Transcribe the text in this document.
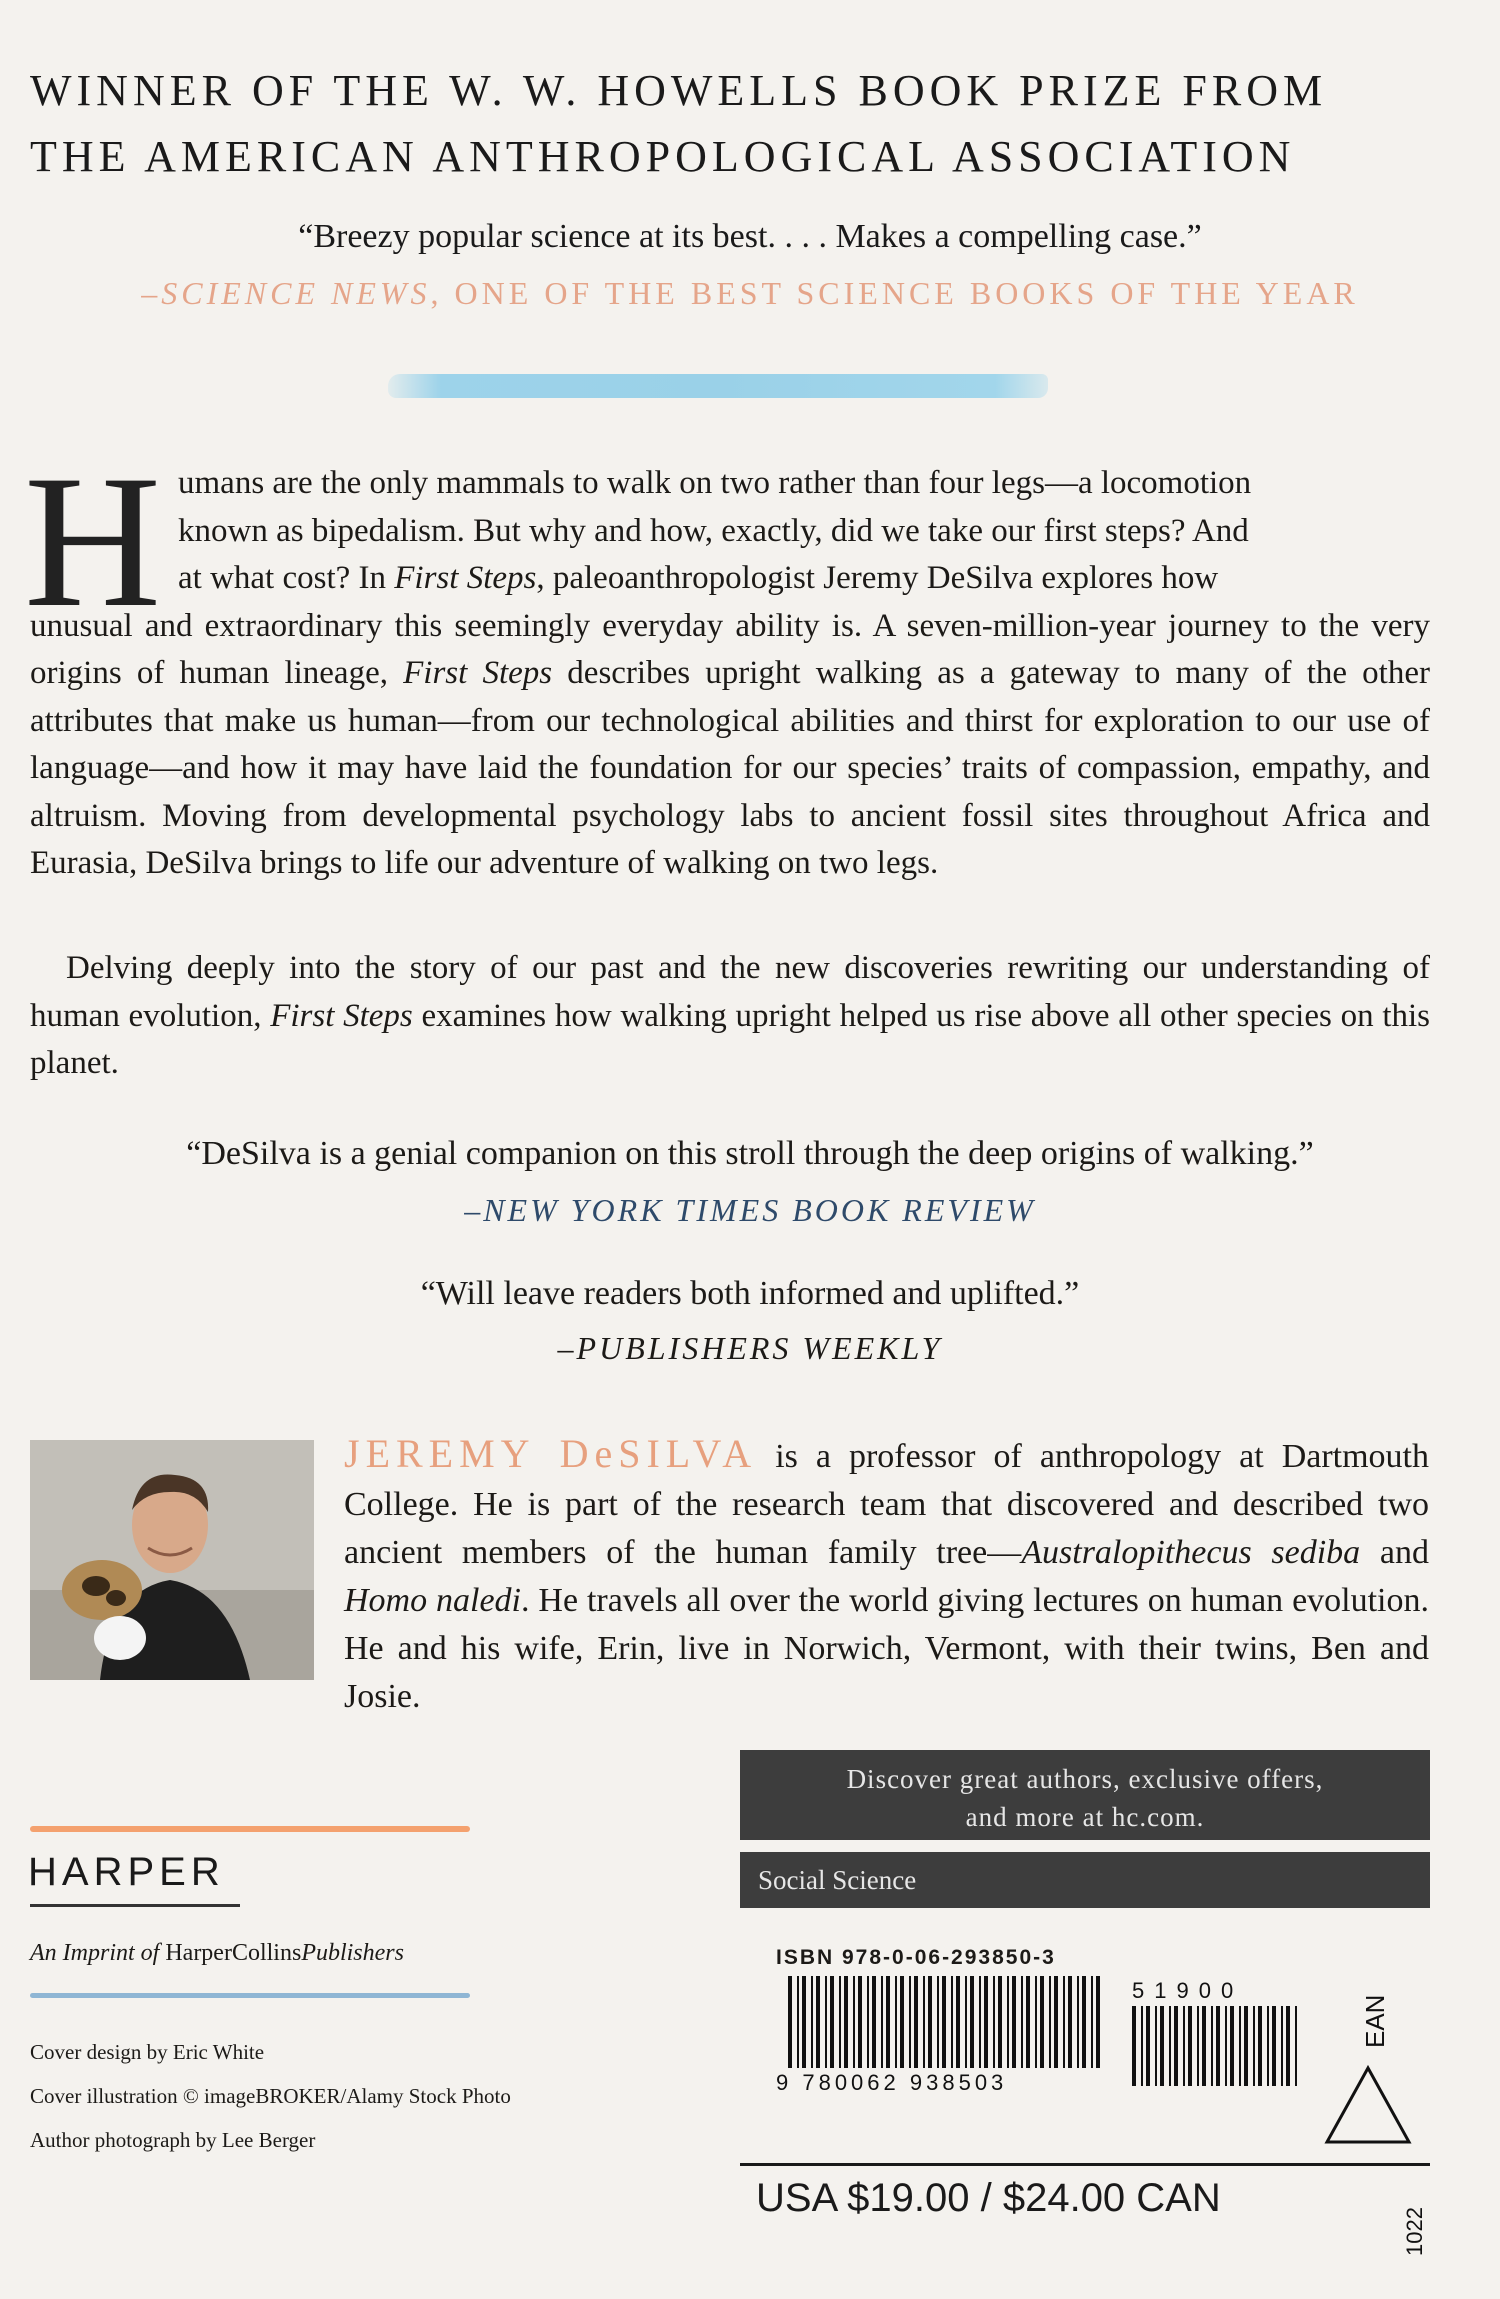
WINNER OF THE W. W. HOWELLS BOOK PRIZE FROM
THE AMERICAN ANTHROPOLOGICAL ASSOCIATION
“Breezy popular science at its best. . . . Makes a compelling case.”
–SCIENCE NEWS, ONE OF THE BEST SCIENCE BOOKS OF THE YEAR
H umans are the only mammals to walk on two rather than four legs—a locomotion
known as bipedalism. But why and how, exactly, did we take our first steps? And
at what cost? In First Steps, paleoanthropologist Jeremy DeSilva explores how
unusual and extraordinary this seemingly everyday ability is. A seven-million-year journey to the very origins of human lineage, First Steps describes upright walking as a gateway to many of the other attributes that make us human—from our technological abilities and thirst for exploration to our use of language—and how it may have laid the foundation for our species’ traits of compassion, empathy, and altruism. Moving from developmental psychology labs to ancient fossil sites throughout Africa and Eurasia, DeSilva brings to life our adventure of walking on two legs.
Delving deeply into the story of our past and the new discoveries rewriting our understanding of human evolution, First Steps examines how walking upright helped us rise above all other species on this planet.
“DeSilva is a genial companion on this stroll through the deep origins of walking.”
–NEW YORK TIMES BOOK REVIEW
“Will leave readers both informed and uplifted.”
–PUBLISHERS WEEKLY
JEREMY DeSILVA is a professor of anthropology at Dartmouth College. He is part of the research team that discovered and described two ancient members of the human family tree—Australopithecus sediba and Homo naledi. He travels all over the world giving lectures on human evolution. He and his wife, Erin, live in Norwich, Vermont, with their twins, Ben and Josie.
Discover great authors, exclusive offers,
and more at hc.com.
Social Science
HARPER
An Imprint of HarperCollinsPublishers
Cover design by Eric White
Cover illustration © imageBROKER/Alamy Stock Photo
Author photograph by Lee Berger
ISBN 978-0-06-293850-3
9 780062 938503
51900
EAN
USA $19.00 / $24.00 CAN
1022
